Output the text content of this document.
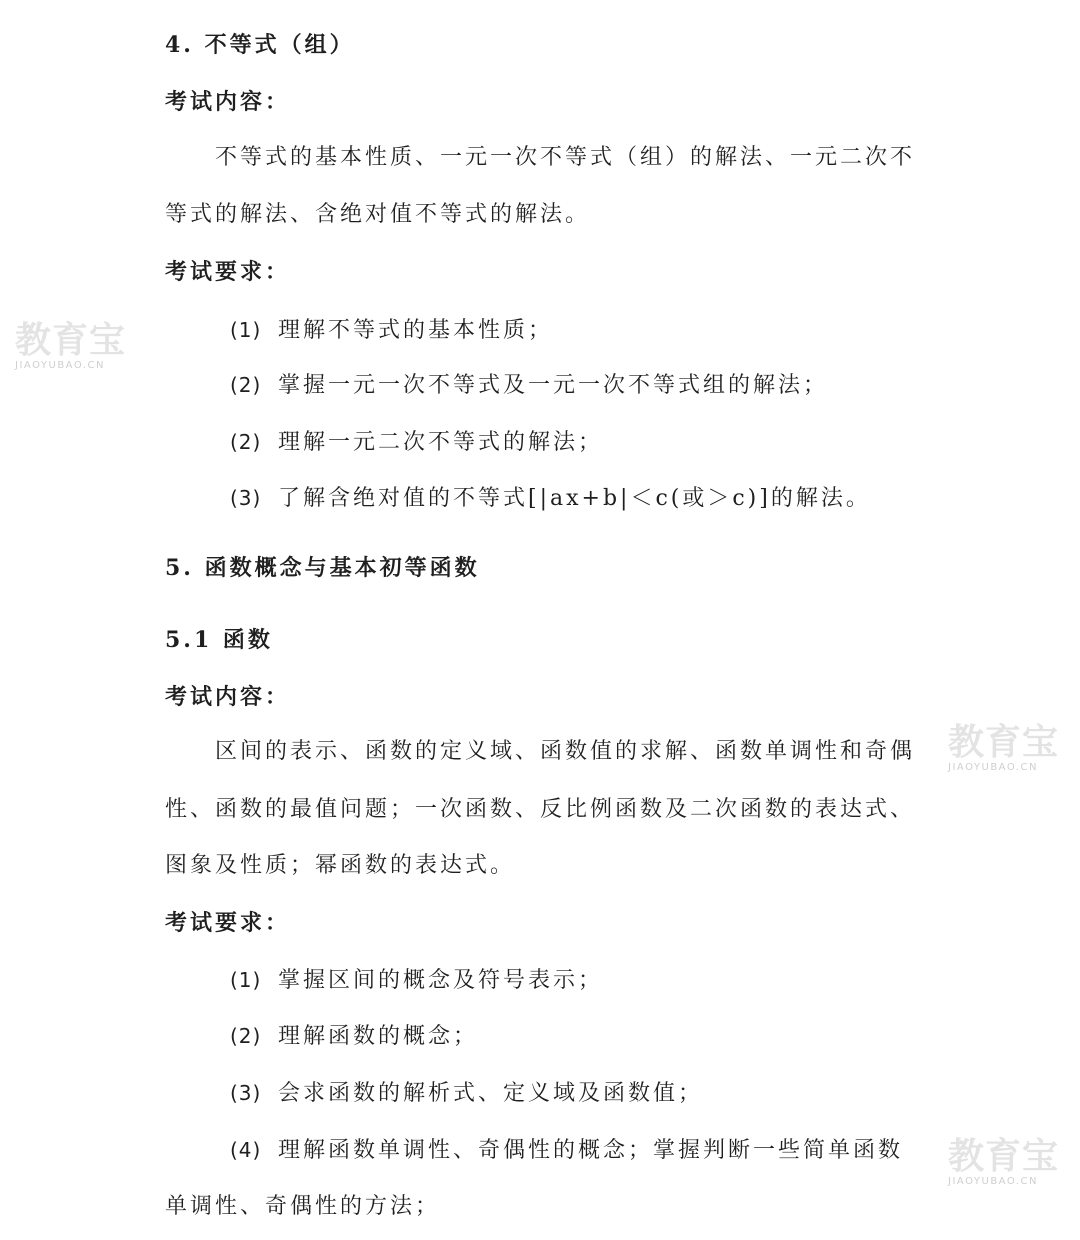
教育宝
JIAOYUBAO.CN
教育宝
JIAOYUBAO.CN
教育宝
JIAOYUBAO.CN
4. 不等式（组）
考试内容：
不等式的基本性质、一元一次不等式（组）的解法、一元二次不
等式的解法、含绝对值不等式的解法。
考试要求：
(1) 理解不等式的基本性质；
(2) 掌握一元一次不等式及一元一次不等式组的解法；
(2) 理解一元二次不等式的解法；
(3) 了解含绝对值的不等式[|ax+b|＜c(或＞c)]的解法。
5. 函数概念与基本初等函数
5.1 函数
考试内容：
区间的表示、函数的定义域、函数值的求解、函数单调性和奇偶
性、函数的最值问题；一次函数、反比例函数及二次函数的表达式、
图象及性质；幂函数的表达式。
考试要求：
(1) 掌握区间的概念及符号表示；
(2) 理解函数的概念；
(3) 会求函数的解析式、定义域及函数值；
(4) 理解函数单调性、奇偶性的概念；掌握判断一些简单函数
单调性、奇偶性的方法；
